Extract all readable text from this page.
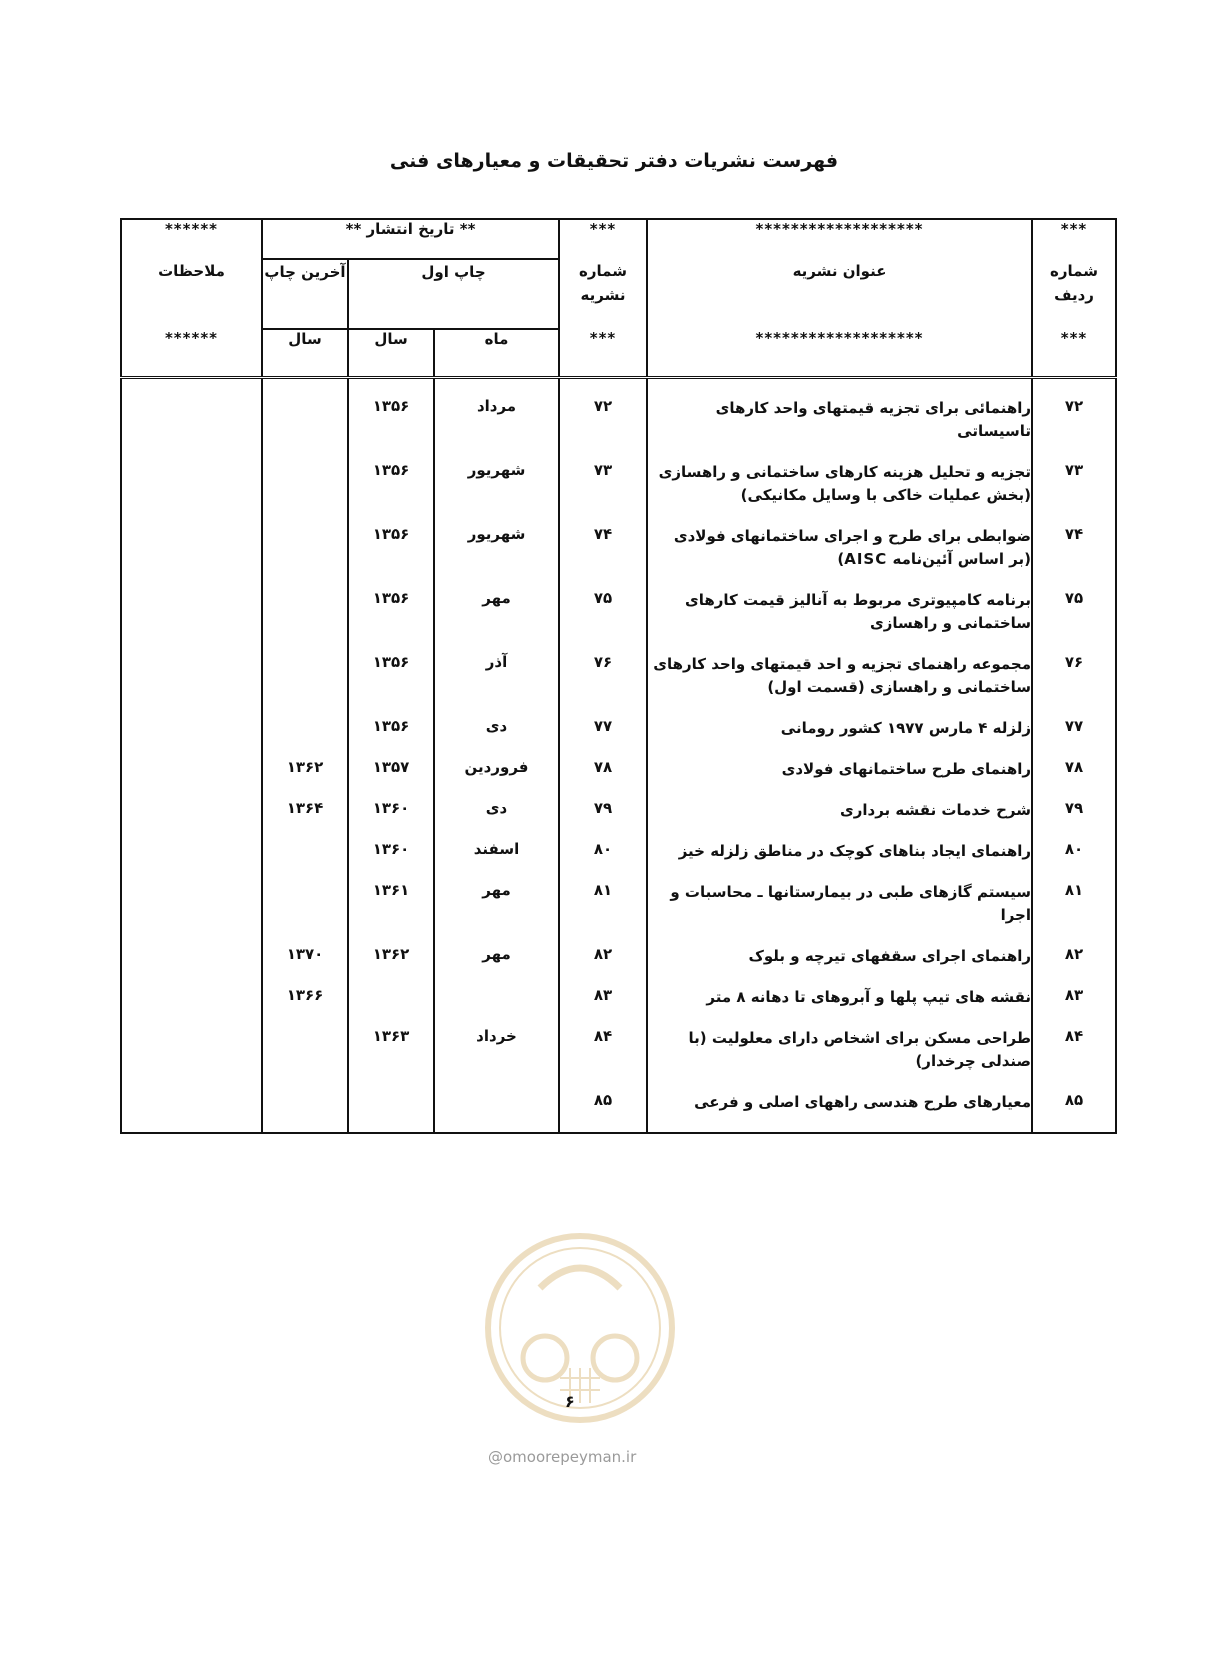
فهرست نشریات دفتر تحقیقات و معیارهای فنی
***	*******************	***	** تاریخ انتشار **			******
شماره ردیف	عنوان نشریه	شماره نشریه	چاپ اول		آخرین چاپ	ملاحظات
***	*******************	***	ماه	سال	سال	******
۷۲	راهنمائی برای تجزیه قیمتهای واحد کارهای تاسیساتی	۷۲	مرداد	۱۳۵۶		

۷۳	تجزیه و تحلیل هزینه کارهای ساختمانی و راهسازی (بخش عملیات خاکی با وسایل مکانیکی)	۷۳	شهریور	۱۳۵۶		

۷۴	ضوابطی برای طرح و اجرای ساختمانهای فولادی (بر اساس آئین‌نامه AISC)	۷۴	شهریور	۱۳۵۶		

۷۵	برنامه کامپیوتری مربوط به آنالیز قیمت کارهای ساختمانی و راهسازی	۷۵	مهر	۱۳۵۶		

۷۶	مجموعه راهنمای تجزیه و احد قیمتهای واحد کارهای ساختمانی و راهسازی (قسمت اول)	۷۶	آذر	۱۳۵۶		

۷۷	زلزله ۴ مارس ۱۹۷۷ کشور رومانی	۷۷	دی	۱۳۵۶		

۷۸	راهنمای طرح ساختمانهای فولادی	۷۸	فروردین	۱۳۵۷	۱۳۶۲	

۷۹	شرح خدمات نقشه برداری	۷۹	دی	۱۳۶۰	۱۳۶۴	

۸۰	راهنمای ایجاد بناهای کوچک در مناطق زلزله خیز	۸۰	اسفند	۱۳۶۰		

۸۱	سیستم گازهای طبی در بیمارستانها ـ محاسبات و اجرا	۸۱	مهر	۱۳۶۱		

۸۲	راهنمای اجرای سقفهای تیرچه و بلوک	۸۲	مهر	۱۳۶۲	۱۳۷۰	

۸۳	نقشه های تیپ پلها و آبروهای تا دهانه ۸ متر	۸۳			۱۳۶۶	

۸۴	طراحی مسکن برای اشخاص دارای معلولیت (با صندلی چرخدار)	۸۴	خرداد	۱۳۶۳		

۸۵	معیارهای طرح هندسی راههای اصلی و فرعی	۸۵				

۶
@omoorepeyman.ir
